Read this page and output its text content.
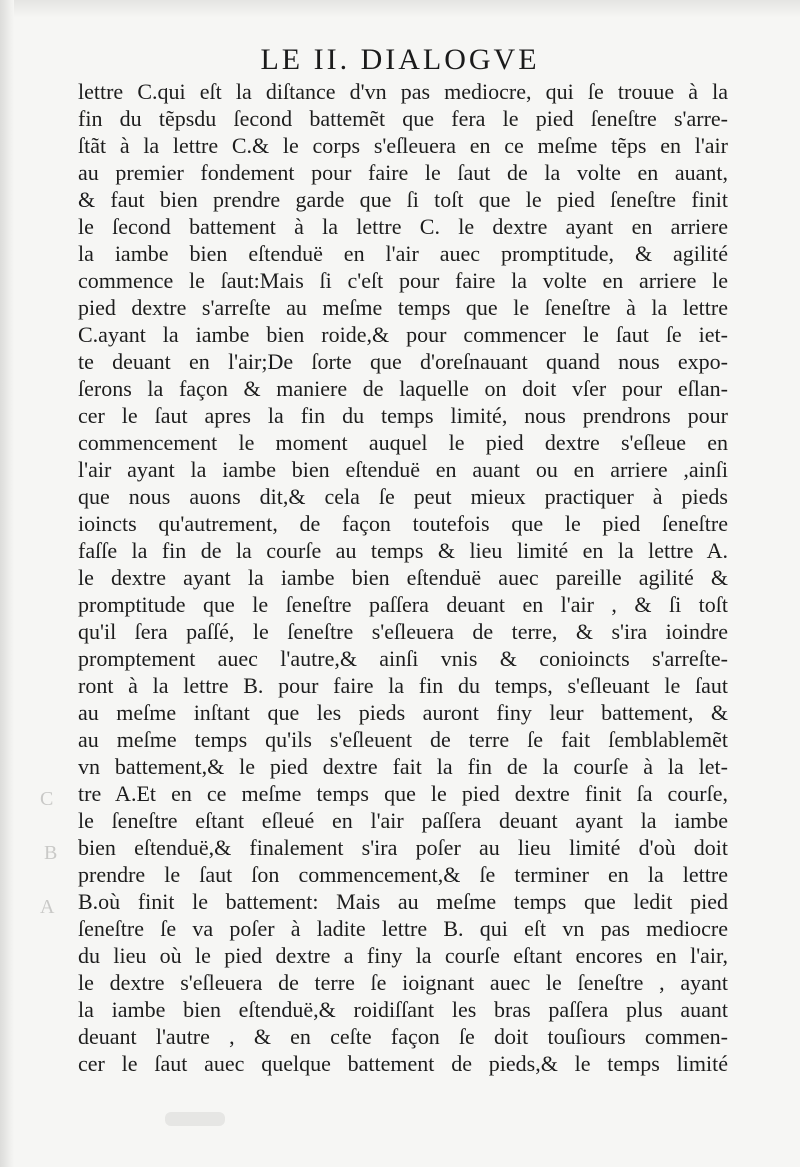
LE II. DIALOGVE
lettre C.qui eſt la diſtance d'vn pas mediocre, qui ſe trouue à la
fin du tẽpsdu ſecond battemẽt que fera le pied ſeneſtre s'arre-
ſtãt à la lettre C.& le corps s'eſleuera en ce meſme tẽps en l'air
au premier fondement pour faire le ſaut de la volte en auant,
& faut bien prendre garde que ſi toſt que le pied ſeneſtre finit
le ſecond battement à la lettre C. le dextre ayant en arriere
la iambe bien eſtenduë en l'air auec promptitude, & agilité
commence le ſaut:Mais ſi c'eſt pour faire la volte en arriere le
pied dextre s'arreſte au meſme temps que le ſeneſtre à la lettre
C.ayant la iambe bien roide,& pour commencer le ſaut ſe iet-
te deuant en l'air;De ſorte que d'oreſnauant quand nous expo-
ſerons la façon & maniere de laquelle on doit vſer pour eſlan-
cer le ſaut apres la fin du temps limité, nous prendrons pour
commencement le moment auquel le pied dextre s'eſleue en
l'air ayant la iambe bien eſtenduë en auant ou en arriere ,ainſi
que nous auons dit,& cela ſe peut mieux practiquer à pieds
ioincts qu'autrement, de façon toutefois que le pied ſeneſtre
faſſe la fin de la courſe au temps & lieu limité en la lettre A.
le dextre ayant la iambe bien eſtenduë auec pareille agilité &
promptitude que le ſeneſtre paſſera deuant en l'air , & ſi toſt
qu'il ſera paſſé, le ſeneſtre s'eſleuera de terre, & s'ira ioindre
promptement auec l'autre,& ainſi vnis & conioincts s'arreſte-
ront à la lettre B. pour faire la fin du temps, s'eſleuant le ſaut
au meſme inſtant que les pieds auront finy leur battement, &
au meſme temps qu'ils s'eſleuent de terre ſe fait ſemblablemẽt
vn battement,& le pied dextre fait la fin de la courſe à la let-
tre A.Et en ce meſme temps que le pied dextre finit ſa courſe,
le ſeneſtre eſtant eſleué en l'air paſſera deuant ayant la iambe
bien eſtenduë,& finalement s'ira poſer au lieu limité d'où doit
prendre le ſaut ſon commencement,& ſe terminer en la lettre
B.où finit le battement: Mais au meſme temps que ledit pied
ſeneſtre ſe va poſer à ladite lettre B. qui eſt vn pas mediocre
du lieu où le pied dextre a finy la courſe eſtant encores en l'air,
le dextre s'eſleuera de terre ſe ioignant auec le ſeneſtre , ayant
la iambe bien eſtenduë,& roidiſſant les bras paſſera plus auant
deuant l'autre , & en ceſte façon ſe doit touſiours commen-
cer le ſaut auec quelque battement de pieds,& le temps limité
C
B
A
